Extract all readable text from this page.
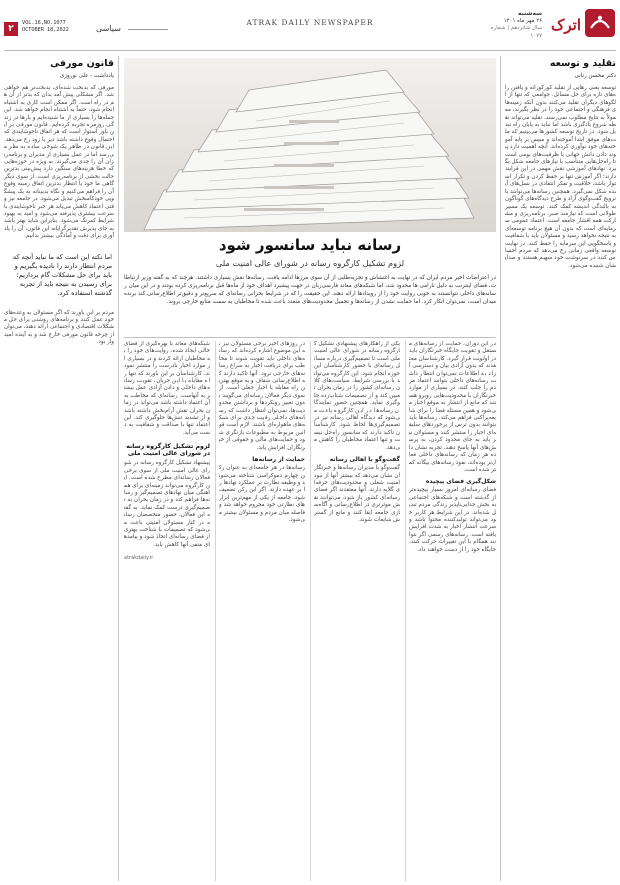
۲
VOL.16,NO.1077
OCTOBER 18,2022	سیاسی
ATRAK DAILY NEWSPAPER
سه‌شنبه
۲۶ مهر ماه ۱۴۰۱
سال شانزدهم | شماره ۱۰۷۷
اترک
قانون مورفی
یادداشت - علی نوروزی

مورفی که بدبخت شده‌ای، بدبخت‌تر هم خواهی شد. اگر مشکلی پیش آمد بدان که بدتر از آن هم در راه است. اگر ممکن است کاری به اشتباه انجام شود، حتماً به اشتباه انجام خواهد شد. این جمله‌ها را بسیاری از ما شنیده‌ایم و بارها در زندگی روزمره تجربه کرده‌ایم. قانون مورفی بر این باور استوار است که هر اتفاق ناخوشایندی که احتمال وقوع داشته باشد دیر یا زود رخ می‌دهد. این قانون در ظاهر یک شوخی ساده به نظر می‌رسد اما در عمل بسیاری از مدیران و برنامه‌ریزان آن را جدی می‌گیرند. به ویژه در حوزه‌هایی که خطا هزینه‌های سنگین دارد پیش‌بینی بدترین حالت بخشی از برنامه‌ریزی است. از سوی دیگر گاهی ما خود با انتظار بدترین اتفاق زمینه وقوع آن را فراهم می‌کنیم و نگاه بدبینانه به یک پیشگویی خودکامبخش تبدیل می‌شود. در جامعه نیز وقتی اعتماد کاهش می‌یابد هر خبر ناخوشایندی با سرعت بیشتری پذیرفته می‌شود و امید به بهبود شرایط کمرنگ می‌شود. بنابراین شاید بهتر باشد به جای پذیرش تقدیرگرایانه این قانون، آن را یادآوری برای دقت و آمادگی بیشتر بدانیم.

اما نکته این است که ما نباید آنچه که مردم انتظار دارند را نادیده بگیریم و باید برای حل مشکلات گام برداریم؛ برای رسیدن به نتیجه باید از تجربه گذشته استفاده کرد.

مردم بر این باورند که اگر مسئولان به وعده‌های خود عمل کنند و برنامه‌های روشنی برای حل مشکلات اقتصادی و اجتماعی ارائه دهند، می‌توان از چرخه قانون مورفی خارج شد و به آینده امیدوار بود.

رسانه نباید سانسور شود
لزوم تشکیل کارگروه رسانه در شورای عالی امنیت ملی
در اعتراضات اخیر مردم ایران که در نهایت به اغتشاش و تجزیه‌طلبی از آن سوی مرزها ادامه یافت، رسانه‌ها نقش بسیاری داشتند. هرچند که به گفته وزیر ارتباطات، فضای اینترنت به دلیل نارامی ها محدود شد، اما شبکه‌های معاند فارسی‌زبان در جهت پیشبرد اهداف خود از ماه‌ها قبل برنامه‌ریزی کرده بودند و در این میان رسانه‌های داخلی نتوانستند به خوبی روایت خود را از رویدادها ارائه دهند. این حقیقت را که در شرایط بحرانی رسانه‌ای که سریع‌تر و دقیق‌تر اطلاع‌رسانی کند برنده میدان است، نمی‌توان انکار کرد. اما حمایت نشدن از رسانه‌ها و تحمیل محدودیت‌های متعدد باعث شده تا مخاطبان به سمت منابع خارجی بروند.

در این دوران، حمایت از رسانه‌های مستقل و تقویت جایگاه خبرنگاران باید در اولویت قرار گیرد. کارشناسان معتقدند که بدون آزادی بیان و دسترسی آزاد به اطلاعات نمی‌توان انتظار داشت رسانه‌های داخلی بتوانند اعتماد مردم را جلب کنند. در بسیاری از موارد خبرنگاران با محدودیت‌هایی روبرو هستند که مانع از انتشار به موقع اخبار می‌شود و همین مسئله فضا را برای شایعه‌پراکنی فراهم می‌کند. رسانه‌ها باید بتوانند بدون ترس از برخوردهای سلیقه‌ای اخبار را منتشر کنند و مسئولان نیز باید به جای محدود کردن، به پرسش‌های آنها پاسخ دهند. تجربه نشان داده هر زمان که رسانه‌های داخلی فعال‌تر بوده‌اند، نفوذ رسانه‌های بیگانه کمتر شده است.

شکل‌گیری فضای پیچیده

فضای رسانه‌ای امروز بسیار پیچیده‌تر از گذشته است و شبکه‌های اجتماعی به بخش جدایی‌ناپذیر زندگی مردم تبدیل شده‌اند. در این شرایط هر کاربر خود می‌تواند تولیدکننده محتوا باشد و سرعت انتشار اخبار به شدت افزایش یافته است. رسانه‌های رسمی اگر نتوانند همگام با این تغییرات حرکت کنند، جایگاه خود را از دست خواهند داد.

یکی از راهکارهای پیشنهادی تشکیل کارگروه رسانه در شورای عالی امنیت ملی است تا تصمیم‌گیری درباره مسائل رسانه‌ای با حضور کارشناسان این حوزه انجام شود. این کارگروه می‌تواند با بررسی شرایط، سیاست‌های کلان رسانه‌ای کشور را در زمان بحران تعیین کند و از تصمیمات شتاب‌زده جلوگیری نماید. همچنین حضور نمایندگان رسانه‌ها در این کارگروه باعث می‌شود که دیدگاه اهالی رسانه نیز در تصمیم‌گیری‌ها لحاظ شود. کارشناسان تاکید دارند که سانسور راه‌حل نیست و تنها اعتماد مخاطبان را کاهش می‌دهد.

گفت‌وگو با اهالی رسانه

گفت‌وگو با مدیران رسانه‌ها و خبرنگاران نشان می‌دهد که بیشتر آنها از نبود امنیت شغلی و محدودیت‌های حرفه‌ای گلایه دارند. آنها معتقدند اگر فضای رسانه‌ای کشور باز شود، می‌توانند نقش موثرتری در اطلاع‌رسانی و آگاه‌سازی جامعه ایفا کنند و مانع از گسترش شایعات شوند.

در روزهای اخیر برخی مسئولان نیز به این موضوع اشاره کرده‌اند که رسانه‌های داخلی باید تقویت شوند تا مخاطب برای دریافت اخبار به سراغ رسانه‌های خارجی نرود. آنها تاکید دارند که اطلاع‌رسانی شفاف و به موقع بهترین راه مقابله با اخبار جعلی است. از سوی دیگر فعالان رسانه‌ای می‌گویند بدون تغییر رویکردها و برداشتن محدودیت‌ها، نمی‌توان انتظار داشت که رسانه‌های داخلی رقیب جدی برای شبکه‌های ماهواره‌ای باشند. لازم است قوانین مربوط به مطبوعات بازنگری شود و حمایت‌های مالی و حقوقی از خبرنگاران افزایش یابد.

حمایت از رسانه‌ها

رسانه‌ها در هر جامعه‌ای به عنوان رکن چهارم دموکراسی شناخته می‌شوند و وظیفه نظارت بر عملکرد نهادها را بر عهده دارند. اگر این رکن تضعیف شود، جامعه از یکی از مهم‌ترین ابزارهای نظارتی خود محروم خواهد شد و فاصله میان مردم و مسئولان بیشتر می‌شود.

شبکه‌های معاند با بهره‌گیری از فضای خالی ایجاد شده، روایت‌های خود را به مخاطبان ارائه کردند و در بسیاری از موارد اخبار نادرست را منتشر نمودند. کارشناسان بر این باورند که تنها راه مقابله با این جریان، تقویت رسانه‌های داخلی و دادن آزادی عمل بیشتر به آنهاست. رسانه‌ای که مخاطب به آن اعتماد داشته باشد می‌تواند در زمان بحران نقش آرام‌بخش داشته باشد و از تشدید تنش‌ها جلوگیری کند. این اعتماد تنها با صداقت و شفافیت به دست می‌آید.

لزوم تشکیل کارگروه رسانه در شورای عالی امنیت ملی

پیشنهاد تشکیل کارگروه رسانه در شورای عالی امنیت ملی از سوی برخی فعالان رسانه‌ای مطرح شده است. این کارگروه می‌تواند زمینه‌ای برای هماهنگی میان نهادهای تصمیم‌گیر و رسانه‌ها فراهم کند و در زمان بحران به تصمیم‌گیری درست کمک نماید. به گفته این فعالان، حضور متخصصان رسانه در کنار مسئولان امنیتی باعث می‌شود که تصمیمات با شناخت بهتری از فضای رسانه‌ای اتخاذ شود و پیامدهای منفی آنها کاهش یابد.

atrakdaily.ir
تقلید و توسعه
دکتر محسن رنانی

توسعه یعنی رهایی از تقلید کورکورانه و یافتن راه‌های تازه برای حل مسائل. جوامعی که تنها از الگوهای دیگران تقلید می‌کنند بدون آنکه زمینه‌های فرهنگی و اجتماعی خود را در نظر بگیرند، معمولاً به نتایج مطلوب نمی‌رسند. تقلید می‌تواند نقطه شروع یادگیری باشد اما نباید به پایان راه تبدیل شود. در تاریخ توسعه کشورها می‌بینیم که ملت‌های موفق ابتدا آموخته‌اند و سپس بر پایه آموخته‌های خود نوآوری کرده‌اند. آنچه اهمیت دارد پیوند دادن دانش جهانی با ظرفیت‌های بومی است تا راه‌حل‌هایی متناسب با نیازهای جامعه شکل بگیرد. نهادهای آموزشی نقش مهمی در این فرایند دارند؛ اگر آموزش تنها بر حفظ کردن و تکرار استوار باشد، خلاقیت و تفکر انتقادی در نسل‌های آینده شکل نمی‌گیرد. همچنین رسانه‌ها می‌توانند با ترویج گفت‌وگوی آزاد و طرح دیدگاه‌های گوناگون به بالندگی اندیشه کمک کنند. توسعه یک مسیر طولانی است که نیازمند صبر، برنامه‌ریزی و مشارکت همه اقشار جامعه است. اعتماد عمومی سرمایه‌ای است که بدون آن هیچ برنامه توسعه‌ای به نتیجه نخواهد رسید و مسئولان باید با شفافیت و پاسخگویی این سرمایه را حفظ کنند. در نهایت توسعه واقعی زمانی رخ می‌دهد که مردم احساس کنند در سرنوشت خود سهیم هستند و صدایشان شنیده می‌شود.
